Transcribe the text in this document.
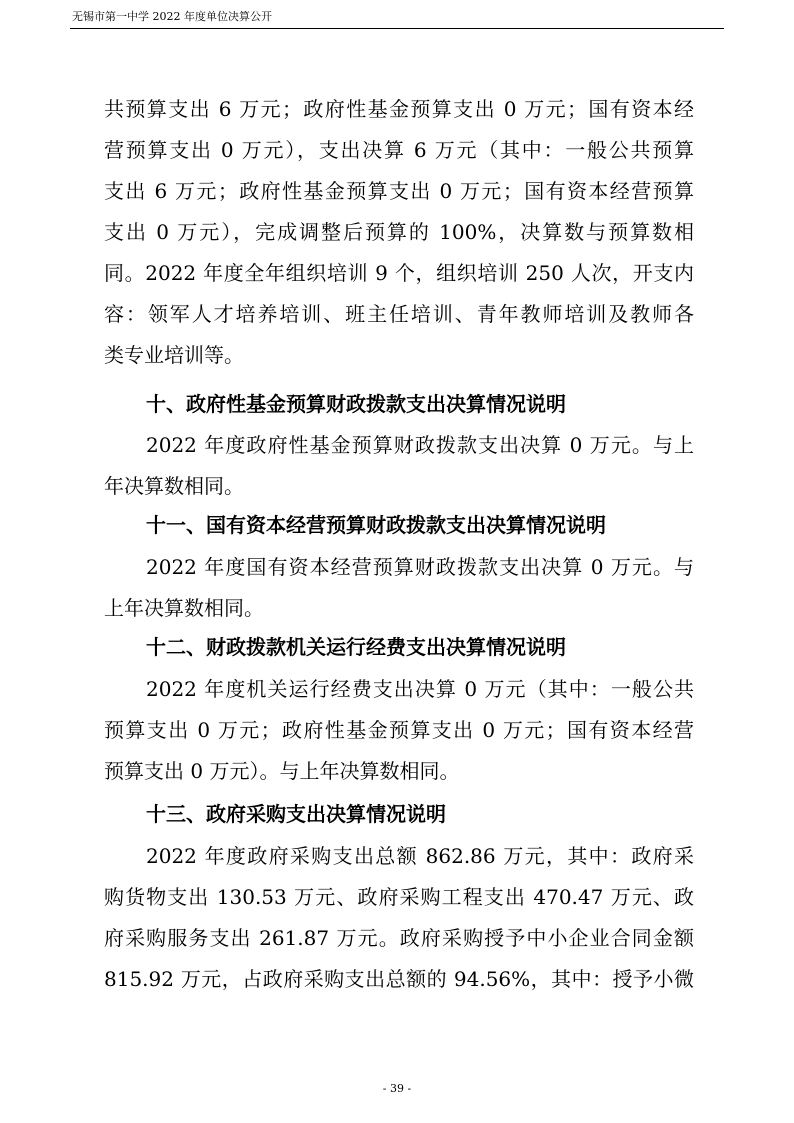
无锡市第一中学 2022 年度单位决算公开
共预算支出 6 万元；政府性基金预算支出 0 万元；国有资本经
营预算支出 0 万元），支出决算 6 万元（其中：一般公共预算
支出 6 万元；政府性基金预算支出 0 万元；国有资本经营预算
支出 0 万元），完成调整后预算的 100%，决算数与预算数相
同。2022 年度全年组织培训 9 个，组织培训 250 人次，开支内
容：领军人才培养培训、班主任培训、青年教师培训及教师各
类专业培训等。
十、政府性基金预算财政拨款支出决算情况说明
2022 年度政府性基金预算财政拨款支出决算 0 万元。与上
年决算数相同。
十一、国有资本经营预算财政拨款支出决算情况说明
2022 年度国有资本经营预算财政拨款支出决算 0 万元。与
上年决算数相同。
十二、财政拨款机关运行经费支出决算情况说明
2022 年度机关运行经费支出决算 0 万元（其中：一般公共
预算支出 0 万元；政府性基金预算支出 0 万元；国有资本经营
预算支出 0 万元）。与上年决算数相同。
十三、政府采购支出决算情况说明
2022 年度政府采购支出总额 862.86 万元，其中：政府采
购货物支出 130.53 万元、政府采购工程支出 470.47 万元、政
府采购服务支出 261.87 万元。政府采购授予中小企业合同金额
815.92 万元，占政府采购支出总额的 94.56%，其中：授予小微
- 39 -
